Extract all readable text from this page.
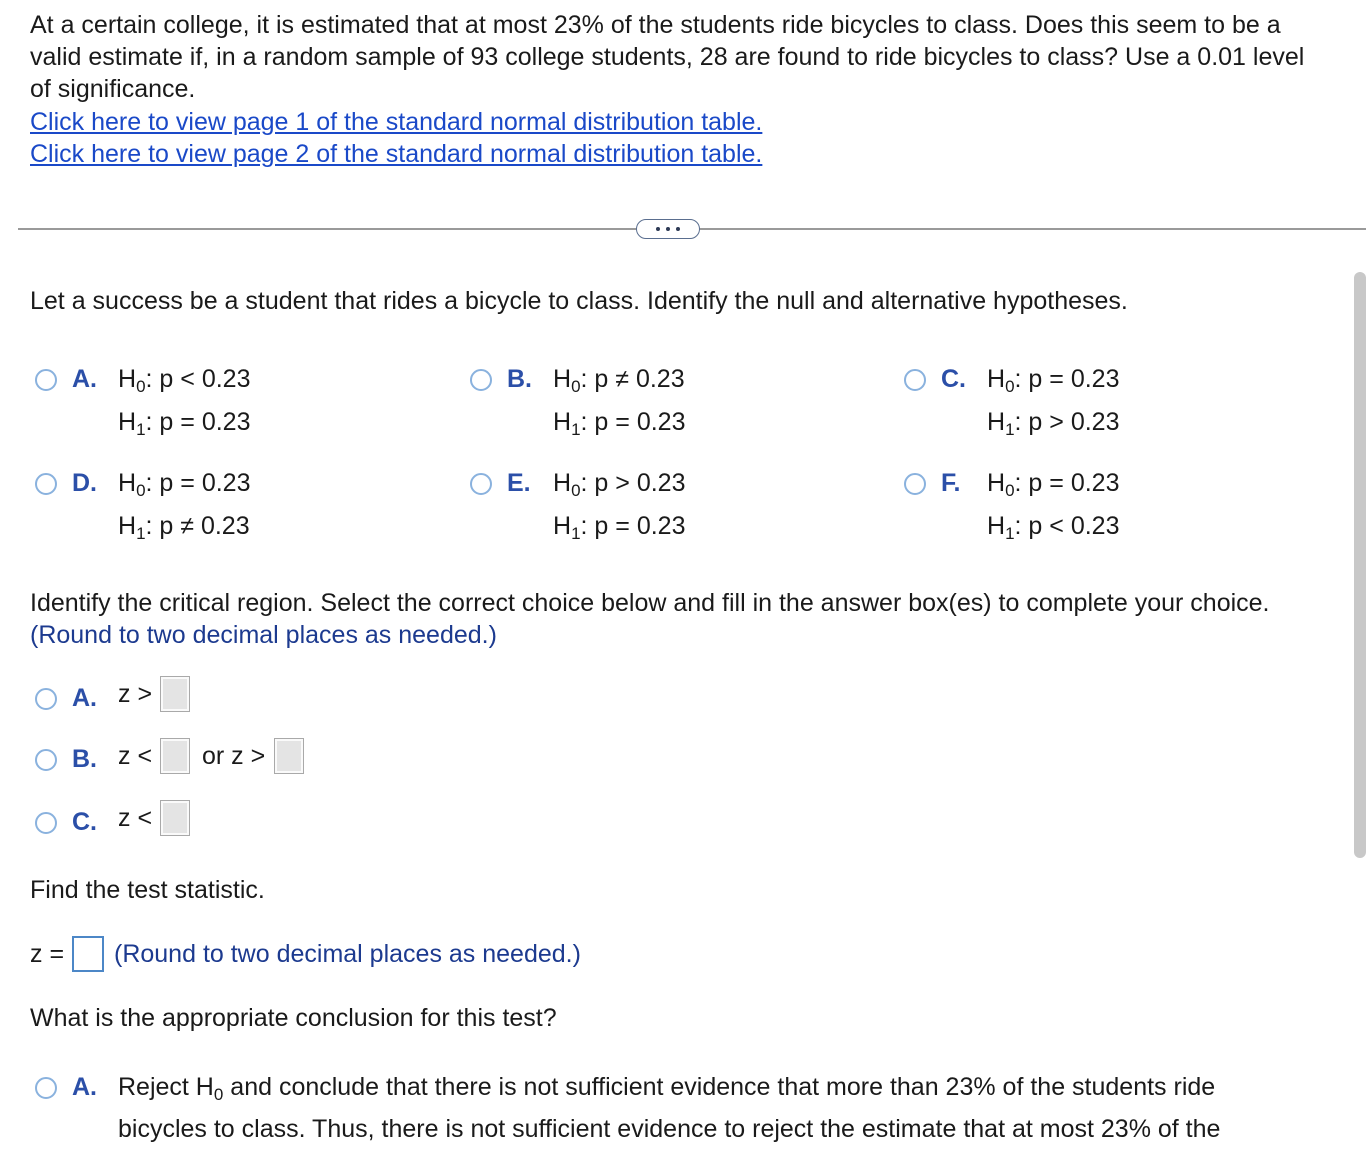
At a certain college, it is estimated that at most 23% of the students ride bicycles to class. Does this seem to be a
valid estimate if, in a random sample of 93 college students, 28 are found to ride bicycles to class? Use a 0.01 level
of significance.
Click here to view page 1 of the standard normal distribution table.
Click here to view page 2 of the standard normal distribution table.
Let a success be a student that rides a bicycle to class. Identify the null and alternative hypotheses.
A. $H_0$: p < 0.23
$H_1$: p = 0.23
B. $H_0$: p ≠ 0.23
$H_1$: p = 0.23
C. $H_0$: p = 0.23
$H_1$: p > 0.23
D. $H_0$: p = 0.23
$H_1$: p ≠ 0.23
E. $H_0$: p > 0.23
$H_1$: p = 0.23
F. $H_0$: p = 0.23
$H_1$: p < 0.23
Identify the critical region. Select the correct choice below and fill in the answer box(es) to complete your choice.
(Round to two decimal places as needed.)
A. z >
B. z < or z >
C. z <
Find the test statistic.
z = (Round to two decimal places as needed.)
What is the appropriate conclusion for this test?
A. Reject $H_0$ and conclude that there is not sufficient evidence that more than 23% of the students ride
bicycles to class. Thus, there is not sufficient evidence to reject the estimate that at most 23% of the
